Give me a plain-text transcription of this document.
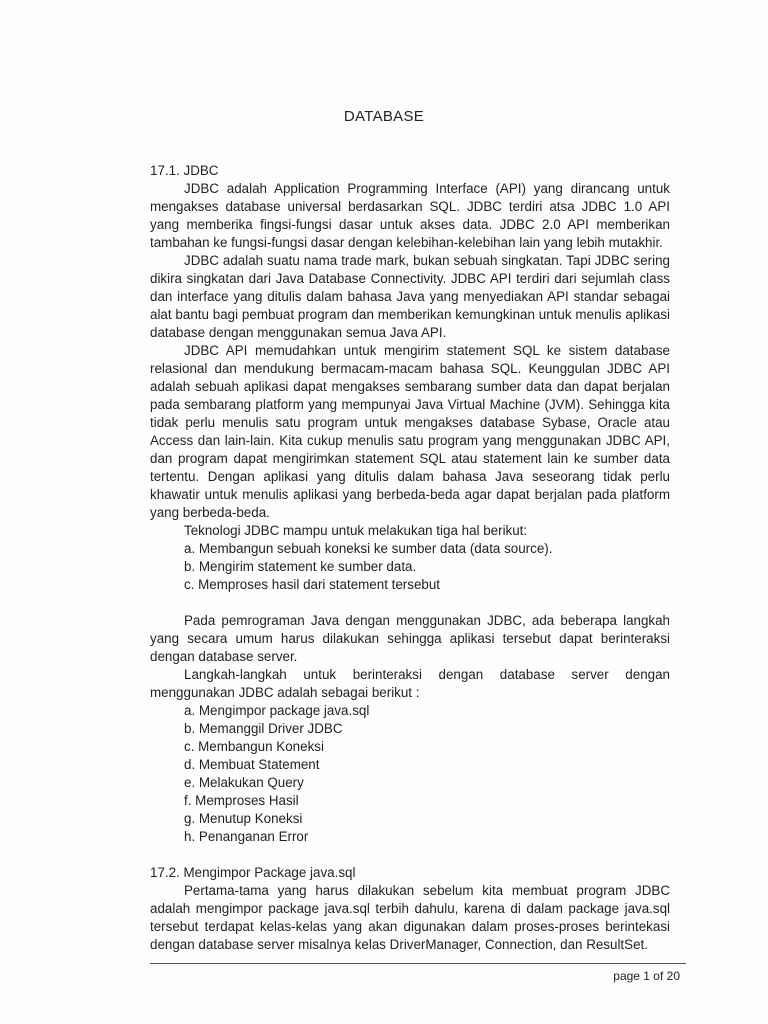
DATABASE
17.1. JDBC

JDBC adalah Application Programming Interface (API) yang dirancang untuk mengakses database universal berdasarkan SQL. JDBC terdiri atsa JDBC 1.0 API yang memberika fingsi-fungsi dasar untuk akses data. JDBC 2.0 API memberikan tambahan ke fungsi-fungsi dasar dengan kelebihan-kelebihan lain yang lebih mutakhir.

JDBC adalah suatu nama trade mark, bukan sebuah singkatan. Tapi JDBC sering dikira singkatan dari Java Database Connectivity. JDBC API terdiri dari sejumlah class dan interface yang ditulis dalam bahasa Java yang menyediakan API standar sebagai alat bantu bagi pembuat program dan memberikan kemungkinan untuk menulis aplikasi database dengan menggunakan semua Java API.

JDBC API memudahkan untuk mengirim statement SQL ke sistem database relasional dan mendukung bermacam-macam bahasa SQL. Keunggulan JDBC API adalah sebuah aplikasi dapat mengakses sembarang sumber data dan dapat berjalan pada sembarang platform yang mempunyai Java Virtual Machine (JVM). Sehingga kita tidak perlu menulis satu program untuk mengakses database Sybase, Oracle atau Access dan lain-lain. Kita cukup menulis satu program yang menggunakan JDBC API, dan program dapat mengirimkan statement SQL atau statement lain ke sumber data tertentu. Dengan aplikasi yang ditulis dalam bahasa Java seseorang tidak perlu khawatir untuk menulis aplikasi yang berbeda-beda agar dapat berjalan pada platform yang berbeda-beda.

Teknologi JDBC mampu untuk melakukan tiga hal berikut:

a. Membangun sebuah koneksi ke sumber data (data source).
b. Mengirim statement ke sumber data.
c. Memproses hasil dari statement tersebut

Pada pemrograman Java dengan menggunakan JDBC, ada beberapa langkah yang secara umum harus dilakukan sehingga aplikasi tersebut dapat berinteraksi dengan database server.

Langkah-langkah untuk berinteraksi dengan database server dengan menggunakan JDBC adalah sebagai berikut :

a. Mengimpor package java.sql
b. Memanggil Driver JDBC
c. Membangun Koneksi
d. Membuat Statement
e. Melakukan Query
f. Memproses Hasil
g. Menutup Koneksi
h. Penanganan Error
17.2. Mengimpor Package java.sql

Pertama-tama yang harus dilakukan sebelum kita membuat program JDBC adalah mengimpor package java.sql terbih dahulu, karena di dalam package java.sql tersebut terdapat kelas-kelas yang akan digunakan dalam proses-proses berintekasi dengan database server misalnya kelas DriverManager, Connection, dan ResultSet.

page 1 of 20
